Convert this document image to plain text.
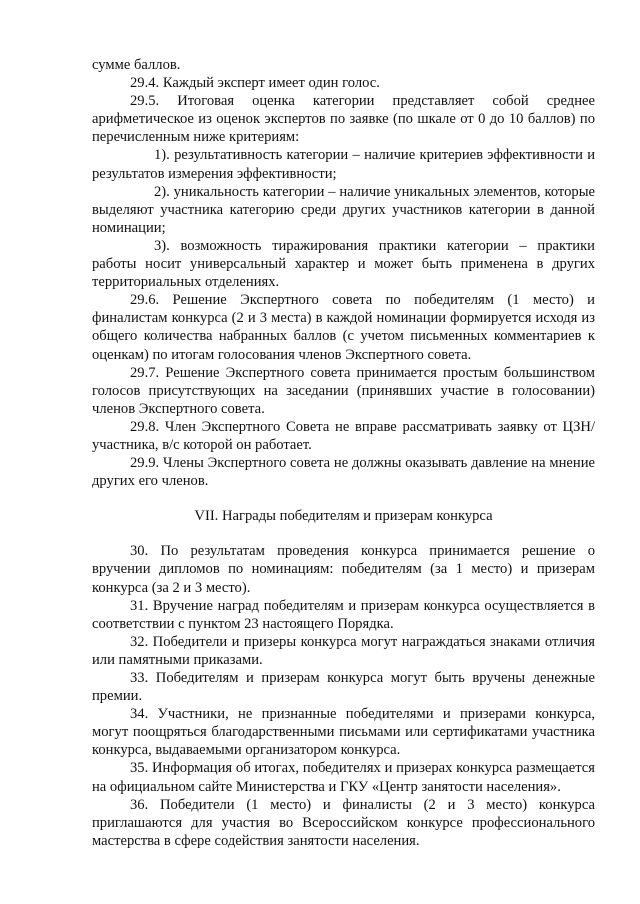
сумме баллов.

29.4. Каждый эксперт имеет один голос.

29.5. Итоговая оценка категории представляет собой среднее арифметическое из оценок экспертов по заявке (по шкале от 0 до 10 баллов) по перечисленным ниже критериям:

1). результативность категории – наличие критериев эффективности и результатов измерения эффективности;

2). уникальность категории – наличие уникальных элементов, которые выделяют участника категорию среди других участников категории в данной номинации;

3). возможность тиражирования практики категории – практики работы носит универсальный характер и может быть применена в других территориальных отделениях.

29.6. Решение Экспертного совета по победителям (1 место) и финалистам конкурса (2 и 3 места) в каждой номинации формируется исходя из общего количества набранных баллов (с учетом письменных комментариев к оценкам) по итогам голосования членов Экспертного совета.

29.7. Решение Экспертного совета принимается простым большинством голосов присутствующих на заседании (принявших участие в голосовании) членов Экспертного совета.

29.8. Член Экспертного Совета не вправе рассматривать заявку от ЦЗН/участника, в/с которой он работает.

29.9. Члены Экспертного совета не должны оказывать давление на мнение других его членов.

VII. Награды победителям и призерам конкурса

30. По результатам проведения конкурса принимается решение о вручении дипломов по номинациям: победителям (за 1 место) и призерам конкурса (за 2 и 3 место).

31. Вручение наград победителям и призерам конкурса осуществляется в соответствии с пунктом 23 настоящего Порядка.

32. Победители и призеры конкурса могут награждаться знаками отличия или памятными приказами.

33. Победителям и призерам конкурса могут быть вручены денежные премии.

34. Участники, не признанные победителями и призерами конкурса, могут поощряться благодарственными письмами или сертификатами участника конкурса, выдаваемыми организатором конкурса.

35. Информация об итогах, победителях и призерах конкурса размещается на официальном сайте Министерства и ГКУ «Центр занятости населения».

36. Победители (1 место) и финалисты (2 и 3 место) конкурса приглашаются для участия во Всероссийском конкурсе профессионального мастерства в сфере содействия занятости населения.
